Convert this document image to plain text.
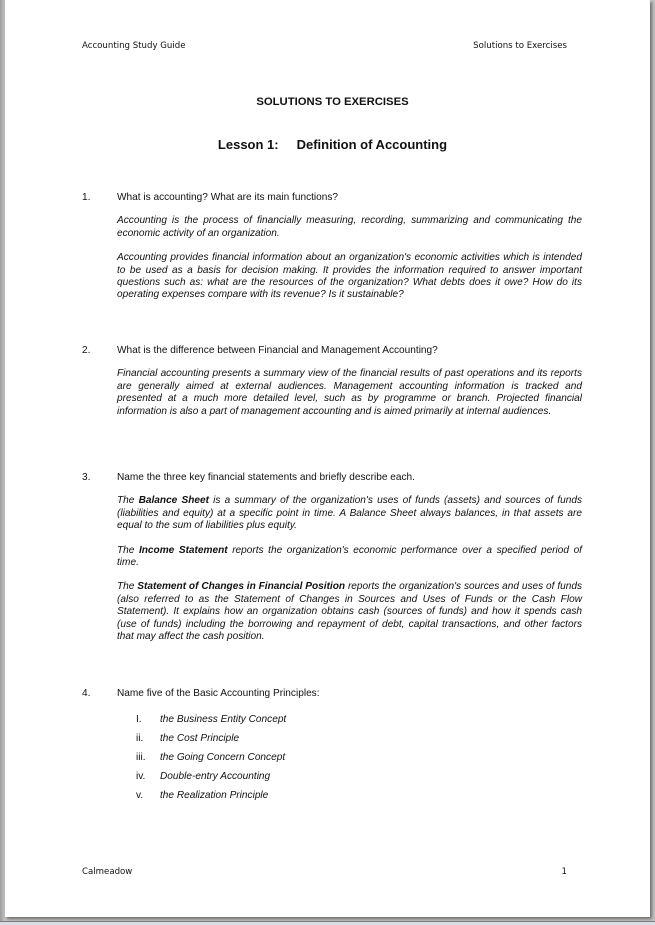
Accounting Study Guide	Solutions to Exercises
SOLUTIONS TO EXERCISES
Lesson 1: Definition of Accounting
1.	What is accounting? What are its main functions?

Accounting is the process of financially measuring, recording, summarizing and communicating the economic activity of an organization.

Accounting provides financial information about an organization's economic activities which is intended to be used as a basis for decision making. It provides the information required to answer important questions such as: what are the resources of the organization? What debts does it owe? How do its operating expenses compare with its revenue? Is it sustainable?

2.	What is the difference between Financial and Management Accounting?

Financial accounting presents a summary view of the financial results of past operations and its reports are generally aimed at external audiences. Management accounting information is tracked and presented at a much more detailed level, such as by programme or branch. Projected financial information is also a part of management accounting and is aimed primarily at internal audiences.

3.	Name the three key financial statements and briefly describe each.

The Balance Sheet is a summary of the organization's uses of funds (assets) and sources of funds (liabilities and equity) at a specific point in time. A Balance Sheet always balances, in that assets are equal to the sum of liabilities plus equity.

The Income Statement reports the organization's economic performance over a specified period of time.

The Statement of Changes in Financial Position reports the organization's sources and uses of funds (also referred to as the Statement of Changes in Sources and Uses of Funds or the Cash Flow Statement). It explains how an organization obtains cash (sources of funds) and how it spends cash (use of funds) including the borrowing and repayment of debt, capital transactions, and other factors that may affect the cash position.

4.	Name five of the Basic Accounting Principles:
I.	the Business Entity Concept
ii.	the Cost Principle
iii.	the Going Concern Concept
iv.	Double-entry Accounting
v.	the Realization Principle
Calmeadow	1
